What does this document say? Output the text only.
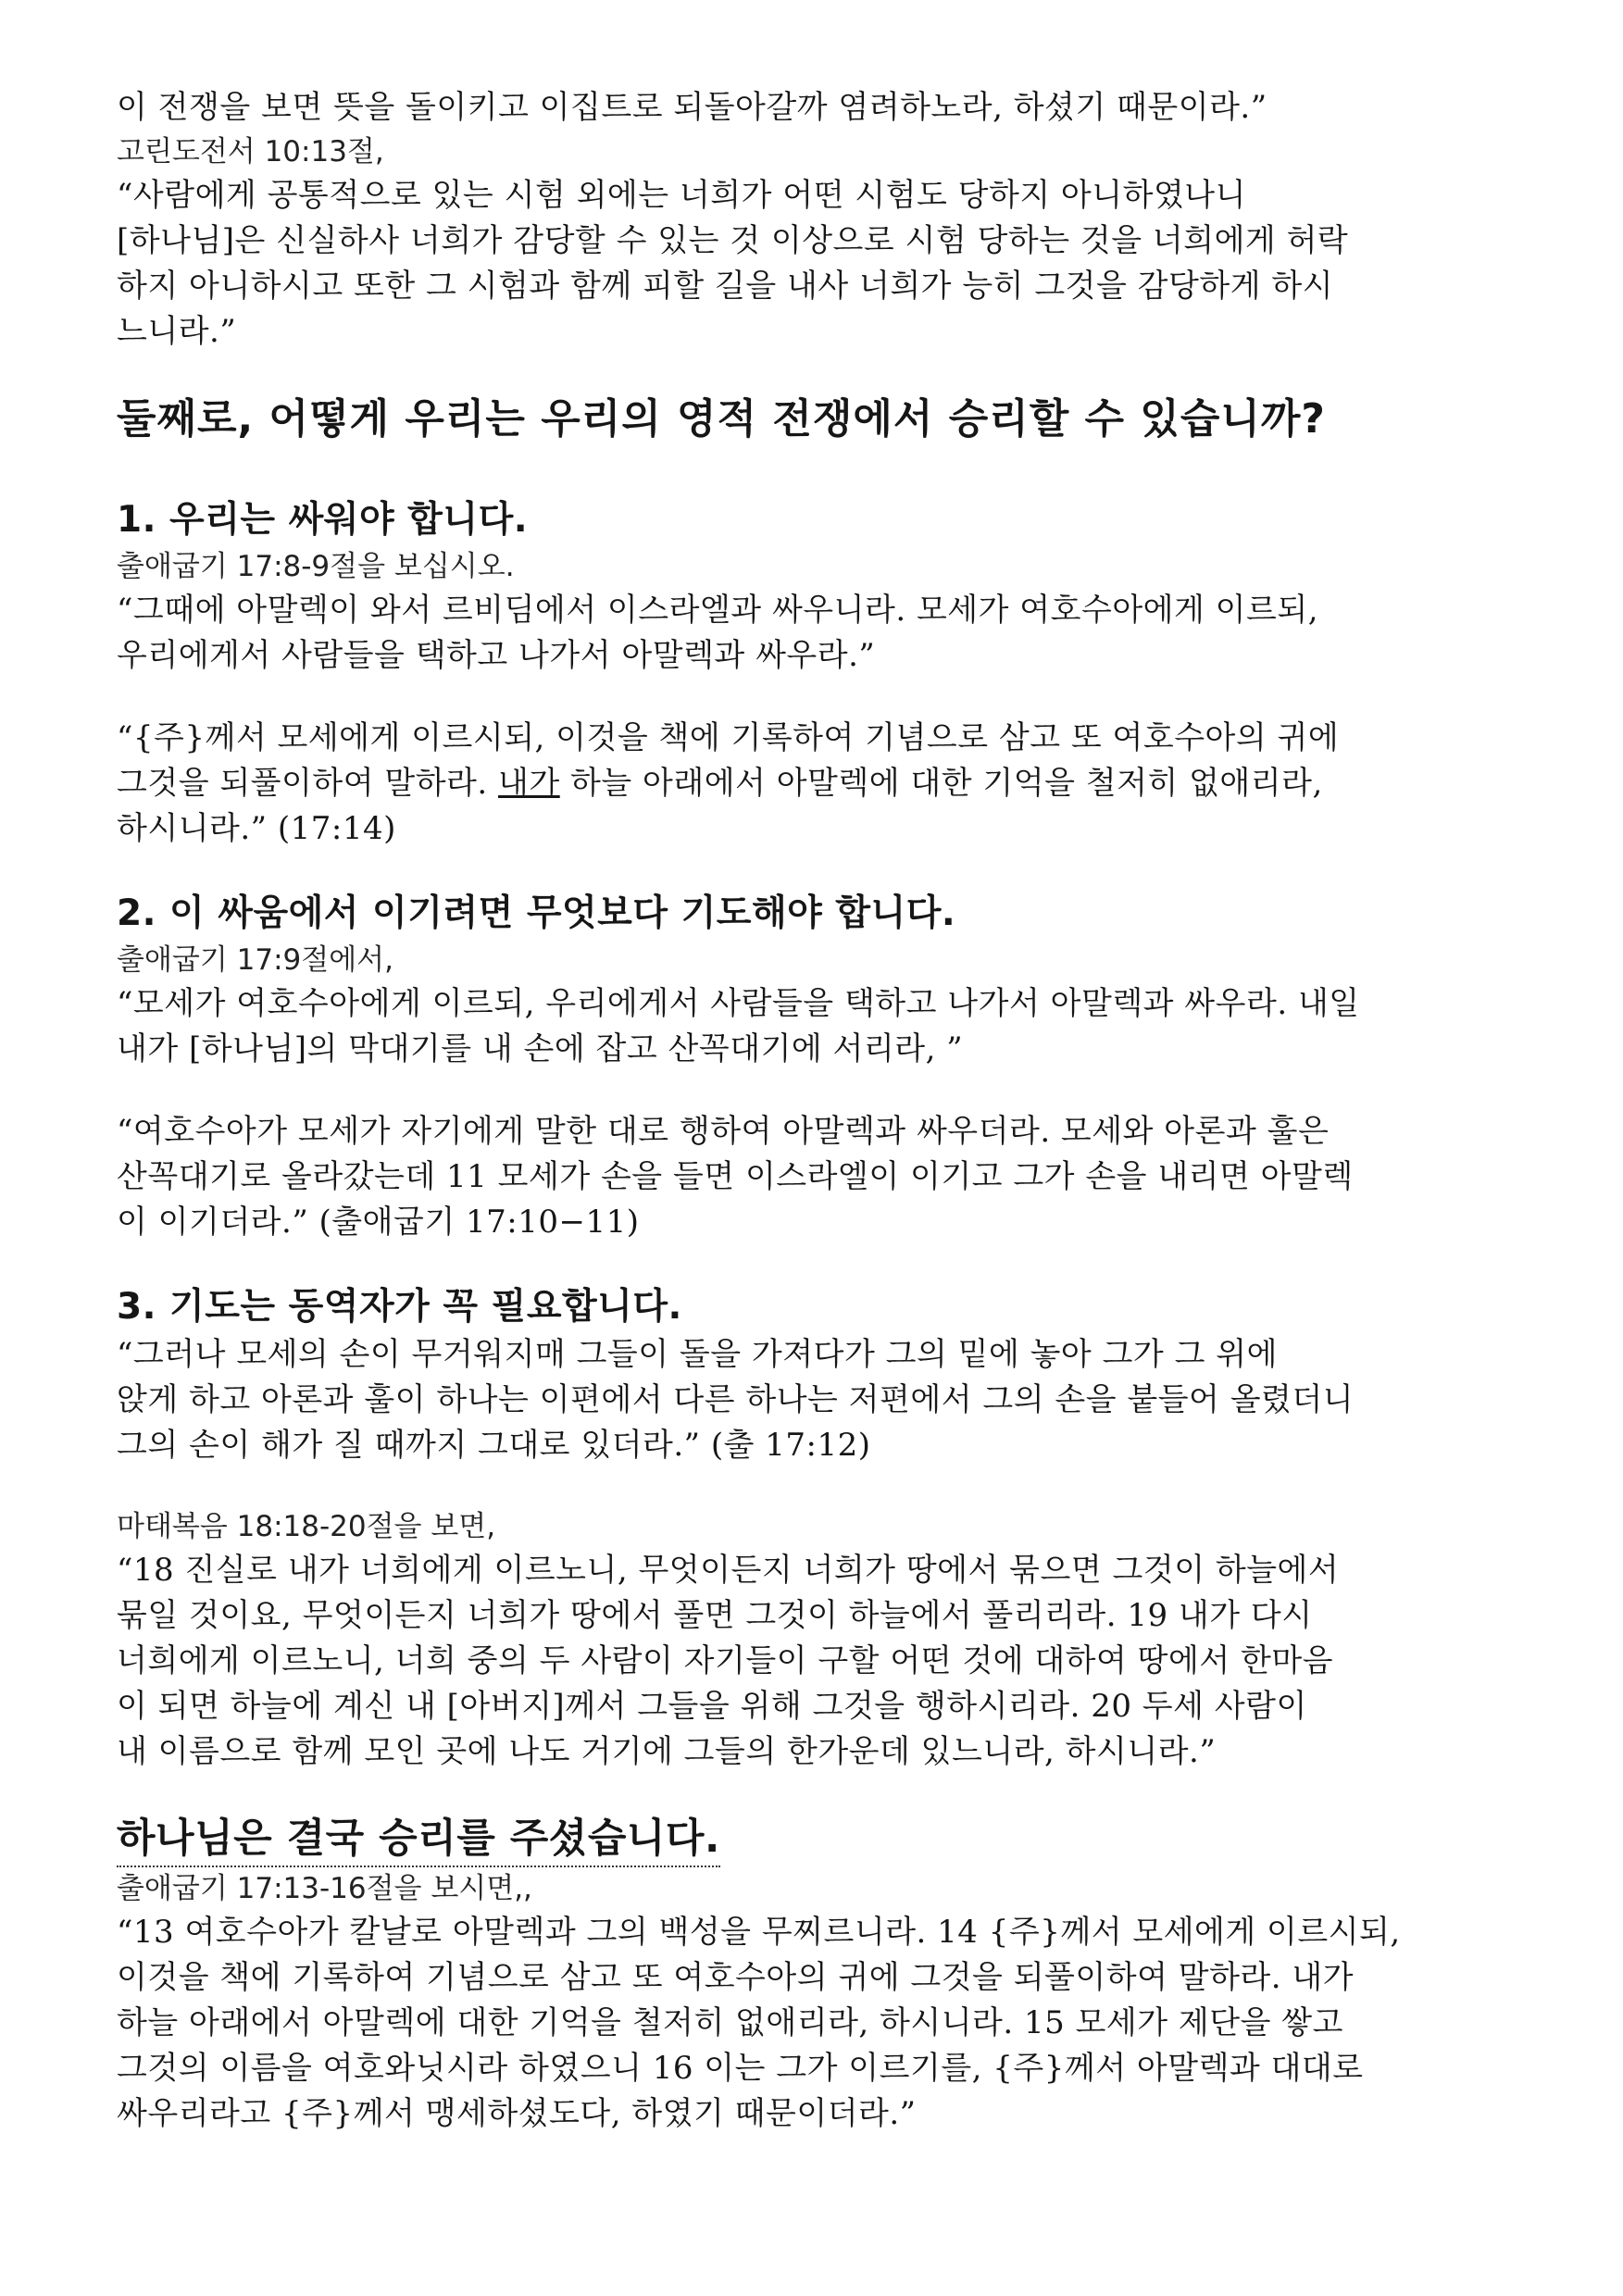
이 전쟁을 보면 뜻을 돌이키고 이집트로 되돌아갈까 염려하노라, 하셨기 때문이라.”

고린도전서 10:13절,

“사람에게 공통적으로 있는 시험 외에는 너희가 어떤 시험도 당하지 아니하였나니

[하나님]은 신실하사 너희가 감당할 수 있는 것 이상으로 시험 당하는 것을 너희에게 허락

하지 아니하시고 또한 그 시험과 함께 피할 길을 내사 너희가 능히 그것을 감당하게 하시

느니라.”

둘째로, 어떻게 우리는 우리의 영적 전쟁에서 승리할 수 있습니까?

1. 우리는 싸워야 합니다.

출애굽기 17:8-9절을 보십시오.

“그때에 아말렉이 와서 르비딤에서 이스라엘과 싸우니라. 모세가 여호수아에게 이르되,

우리에게서 사람들을 택하고 나가서 아말렉과 싸우라.”

“{주}께서 모세에게 이르시되, 이것을 책에 기록하여 기념으로 삼고 또 여호수아의 귀에

그것을 되풀이하여 말하라. 내가 하늘 아래에서 아말렉에 대한 기억을 철저히 없애리라,

하시니라.” (17:14)

2. 이 싸움에서 이기려면 무엇보다 기도해야 합니다.

출애굽기 17:9절에서,

“모세가 여호수아에게 이르되, 우리에게서 사람들을 택하고 나가서 아말렉과 싸우라. 내일

내가 [하나님]의 막대기를 내 손에 잡고 산꼭대기에 서리라, ”

“여호수아가 모세가 자기에게 말한 대로 행하여 아말렉과 싸우더라. 모세와 아론과 훌은

산꼭대기로 올라갔는데 11 모세가 손을 들면 이스라엘이 이기고 그가 손을 내리면 아말렉

이 이기더라.” (출애굽기 17:10−11)

3. 기도는 동역자가 꼭 필요합니다.

“그러나 모세의 손이 무거워지매 그들이 돌을 가져다가 그의 밑에 놓아 그가 그 위에

앉게 하고 아론과 훌이 하나는 이편에서 다른 하나는 저편에서 그의 손을 붙들어 올렸더니

그의 손이 해가 질 때까지 그대로 있더라.” (출 17:12)

마태복음 18:18-20절을 보면,

“18 진실로 내가 너희에게 이르노니, 무엇이든지 너희가 땅에서 묶으면 그것이 하늘에서

묶일 것이요, 무엇이든지 너희가 땅에서 풀면 그것이 하늘에서 풀리리라. 19 내가 다시

너희에게 이르노니, 너희 중의 두 사람이 자기들이 구할 어떤 것에 대하여 땅에서 한마음

이 되면 하늘에 계신 내 [아버지]께서 그들을 위해 그것을 행하시리라. 20 두세 사람이

내 이름으로 함께 모인 곳에 나도 거기에 그들의 한가운데 있느니라, 하시니라.”

하나님은 결국 승리를 주셨습니다.

출애굽기 17:13-16절을 보시면,,

“13 여호수아가 칼날로 아말렉과 그의 백성을 무찌르니라. 14 {주}께서 모세에게 이르시되,

이것을 책에 기록하여 기념으로 삼고 또 여호수아의 귀에 그것을 되풀이하여 말하라. 내가

하늘 아래에서 아말렉에 대한 기억을 철저히 없애리라, 하시니라. 15 모세가 제단을 쌓고

그것의 이름을 여호와닛시라 하였으니 16 이는 그가 이르기를, {주}께서 아말렉과 대대로

싸우리라고 {주}께서 맹세하셨도다, 하였기 때문이더라.”
